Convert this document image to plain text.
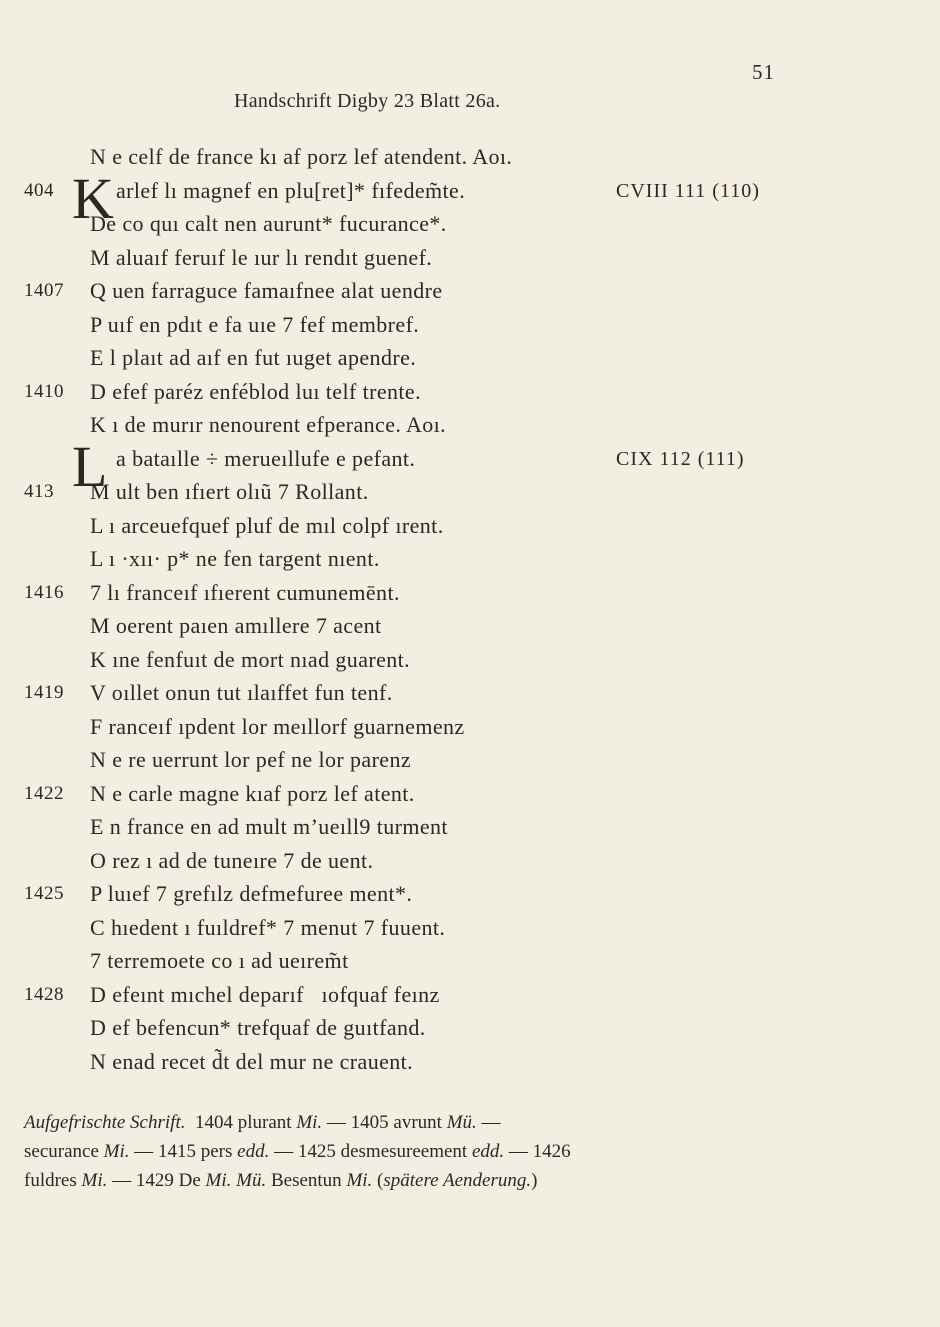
51
Handschrift Digby 23 Blatt 26a.
N e celf de france kı af porz lef atendent. Aoı.
404 K arlef lı magnef en plu[ret]* fıfedem̃te.	CVIII 111 (110)
De co quı calt nen aurunt* fucurance*.
M aluaıf feruıf le ıur lı rendıt guenef.
1407 Q uen farraguce famaıfnee alat uendre
P uıf en pdıt e fa uıe 7 fef membref.
E l plaıt ad aıf en fut ıuget apendre.
1410 D efef paréz enféblod luı telf trente.
K ı de murır nenourent efperance. Aoı.
L a bataılle ÷ merueıllufe e pefant.	CIX 112 (111)
413 M ult ben ıfıert olıũ 7 Rollant.
L ı arceuefquef pluf de mıl colpf ırent.
L ı ·xıı· p* ne fen targent nıent.
1416 7 lı franceıf ıfıerent cumunemēnt.
M oerent paıen amıllere 7 acent
K ıne fenfuıt de mort nıad guarent.
1419 V oıllet onun tut ılaıffet fun tenf.
F ranceıf ıpdent lor meıllorf guarnemenz
N e re uerrunt lor pef ne lor parenz
1422 N e carle magne kıaf porz lef atent.
E n france en ad mult m’ueıll9 turment
O rez ı ad de tuneıre 7 de uent.
1425 P luıef 7 grefılz defmefuree ment*.
C hıedent ı fuıldref* 7 menut 7 fuuent.
7 terremoete co ı ad ueırem̃t
1428 D efeınt mıchel deparıf   ıofquaf feınz
D ef befencun* trefquaf de guıtfand.
N enad recet d̃t del mur ne crauent.
Aufgefrischte Schrift.  1404 plurant Mi. — 1405 avrunt Mü. —
securance Mi. — 1415 pers edd. — 1425 desmesureement edd. — 1426
fuldres Mi. — 1429 De Mi. Mü. Besentun Mi. (spätere Aenderung.)
